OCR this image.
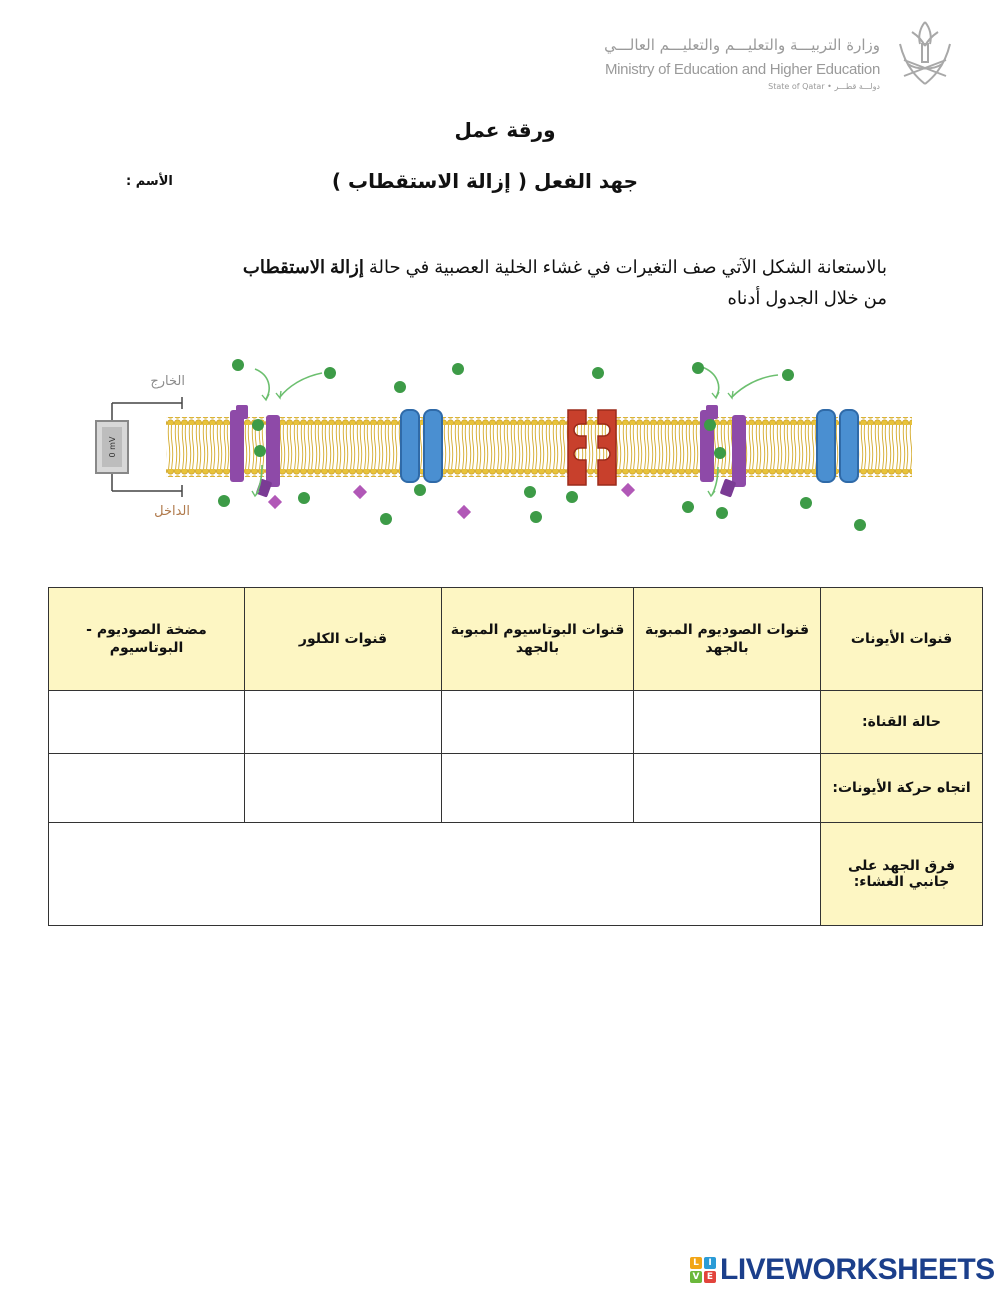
وزارة التربيـــة والتعليـــم والتعليـــم العالـــي
Ministry of Education and Higher Education
State of Qatar • دولـــة قطـــر
ورقة عمل
جهد الفعل ( إزالة الاستقطاب )
الأسم :
بالاستعانة الشكل الآتي صف التغيرات في غشاء الخلية العصبية في حالة إزالة الاستقطاب
من خلال الجدول أدناه
0 mV
الخارج
الداخل
قنوات الأيونات	قنوات الصوديوم المبوبة بالجهد	قنوات البوتاسيوم المبوبة بالجهد	قنوات الكلور	مضخة الصوديوم - البوتاسيوم
حالة القناة:				
اتجاه حركة الأيونات:				
فرق الجهد على جانبي الغشاء:				
L	I
V E LIVEWORKSHEETS
